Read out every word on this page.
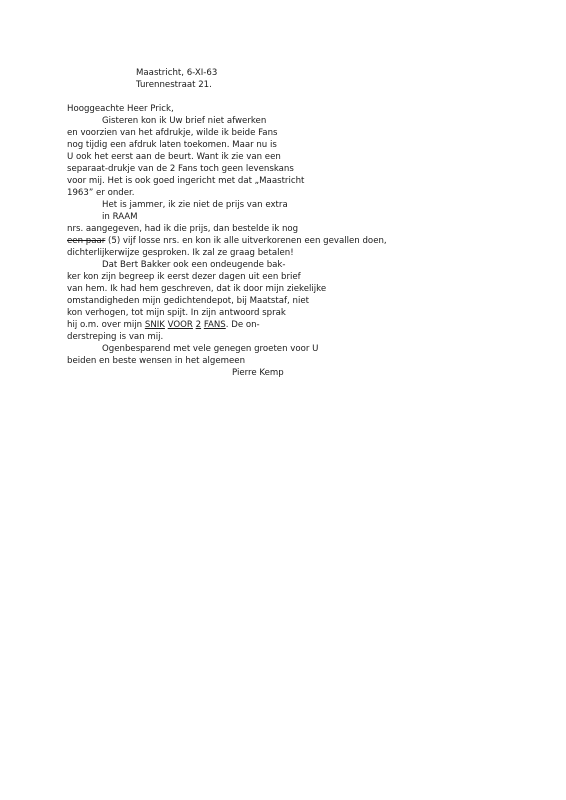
Maastricht, 6-XI-63
Turennestraat 21.
Hooggeachte Heer Prick,
Gisteren kon ik Uw brief niet afwerken
en voorzien van het afdrukje, wilde ik beide Fans
nog tijdig een afdruk laten toekomen. Maar nu is
U ook het eerst aan de beurt. Want ik zie van een
separaat-drukje van de 2 Fans toch geen levenskans
voor mij. Het is ook goed ingericht met dat „Maastricht
1963” er onder.
Het is jammer, ik zie niet de prijs van extra
in RAAM
nrs. aangegeven, had ik die prijs, dan bestelde ik nog
een paar (5) vijf losse nrs. en kon ik alle uitverkorenen een gevallen doen,
dichterlijkerwijze gesproken. Ik zal ze graag betalen!
Dat Bert Bakker ook een ondeugende bak-
ker kon zijn begreep ik eerst dezer dagen uit een brief
van hem. Ik had hem geschreven, dat ik door mijn ziekelijke
omstandigheden mijn gedichtendepot, bij Maatstaf, niet
kon verhogen, tot mijn spijt. In zijn antwoord sprak
hij o.m. over mijn SNIK VOOR 2 FANS. De on-
derstreping is van mij.
Ogenbesparend met vele genegen groeten voor U
beiden en beste wensen in het algemeen
Pierre Kemp
